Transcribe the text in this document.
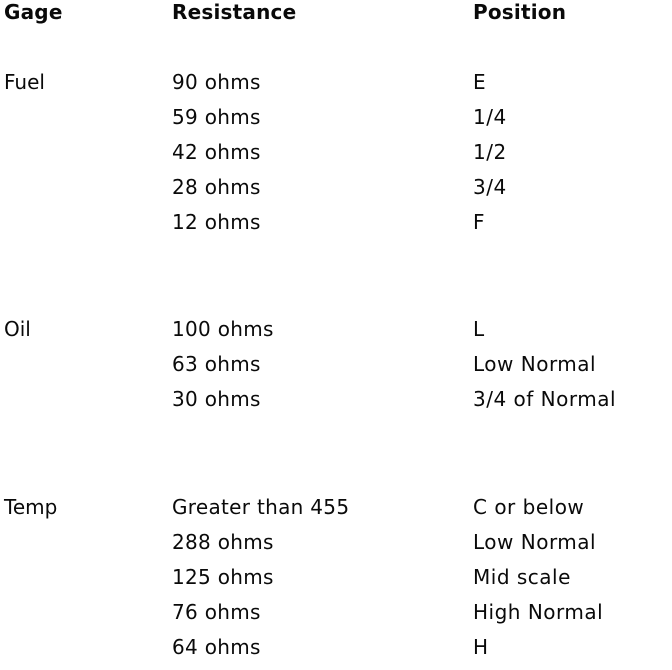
Gage	Resistance	Position
Fuel	90 ohms	E
59 ohms	1/4
42 ohms	1/2
28 ohms	3/4
12 ohms	F
Oil	100 ohms	L
63 ohms	Low Normal
30 ohms	3/4 of Normal
Temp	Greater than 455	C or below
288 ohms	Low Normal
125 ohms	Mid scale
76 ohms	High Normal
64 ohms	H
